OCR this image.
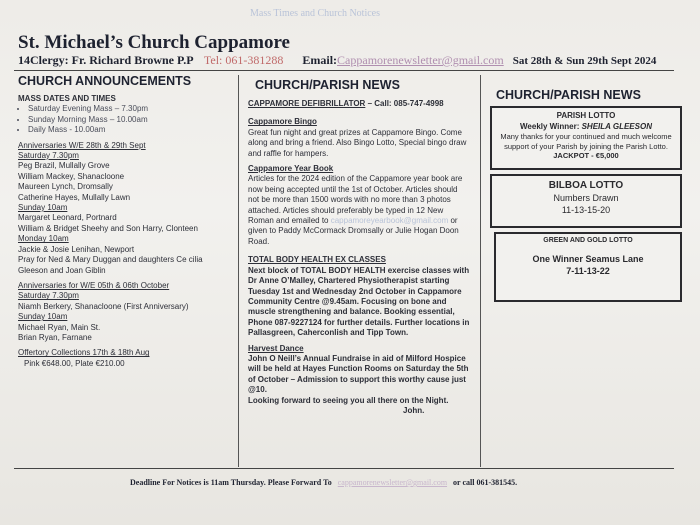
Mass Times and Church Notices
St. Michael’s Church Cappamore
14Clergy: Fr. Richard Browne P.P Tel: 061-381288 Email:Cappamorenewsletter@gmail.com Sat 28th & Sun 29th Sept 2024
CHURCH ANNOUNCEMENTS
MASS DATES AND TIMES
• Saturday Evening Mass – 7.30pm
• Sunday Morning Mass – 10.00am
• Daily Mass - 10.00am
Anniversaries W/E 28th & 29th Sept
Saturday 7.30pm
Peg Brazil, Mullally Grove
William Mackey, Shanacloone
Maureen Lynch, Dromsally
Catherine Hayes, Mullally Lawn
Sunday 10am
Margaret Leonard, Portnard
William & Bridget Sheehy and Son Harry, Clonteen
Monday 10am
Jackie & Josie Lenihan, Newport
Pray for Ned & Mary Duggan and daughters Ce cilia
Gleeson and Joan Giblin
Anniversaries for W/E 05th & 06th October
Saturday 7.30pm
Niamh Berkery, Shanacloone (First Anniversary)
Sunday 10am
Michael Ryan, Main St.
Brian Ryan, Farnane
Offertory Collections 17th & 18th Aug
Pink €648.00, Plate €210.00
CHURCH/PARISH NEWS
CAPPAMORE DEFIBRILLATOR – Call: 085-747-4998
Cappamore Bingo
Great fun night and great prizes at Cappamore Bingo. Come along and bring a friend. Also Bingo Lotto, Special bingo draw and raffle for hampers.
Cappamore Year Book
Articles for the 2024 edition of the Cappamore year book are now being accepted until the 1st of October. Articles should not be more than 1500 words with no more than 3 photos attached. Articles should preferably be typed in 12 New Roman and emailed to cappamoreyearbook@gmail.com or given to Paddy McCormack Dromsally or Julie Hogan Doon Road.
TOTAL BODY HEALTH EX CLASSES
Next block of TOTAL BODY HEALTH exercise classes with Dr Anne O’Malley, Chartered Physiotherapist starting Tuesday 1st and Wednesday 2nd October in Cappamore Community Centre @9.45am. Focusing on bone and muscle strengthening and balance. Booking essential, Phone 087-9227124 for further details. Further locations in Pallasgreen, Caherconlish and Tipp Town.
Harvest Dance
John O Neill’s Annual Fundraise in aid of Milford Hospice will be held at Hayes Function Rooms on Saturday the 5th of October – Admission to support this worthy cause just @10.
Looking forward to seeing you all there on the Night.
John.
CHURCH/PARISH NEWS
PARISH LOTTO
Weekly Winner: SHEILA GLEESON
Many thanks for your continued and much welcome support of your Parish by joining the Parish Lotto.
JACKPOT - €5,000
BILBOA LOTTO
Numbers Drawn
11-13-15-20
GREEN AND GOLD LOTTO
One Winner Seamus Lane
7-11-13-22
Deadline For Notices is 11am Thursday. Please Forward To cappamorenewsletter@gmail.com or call 061-381545.
